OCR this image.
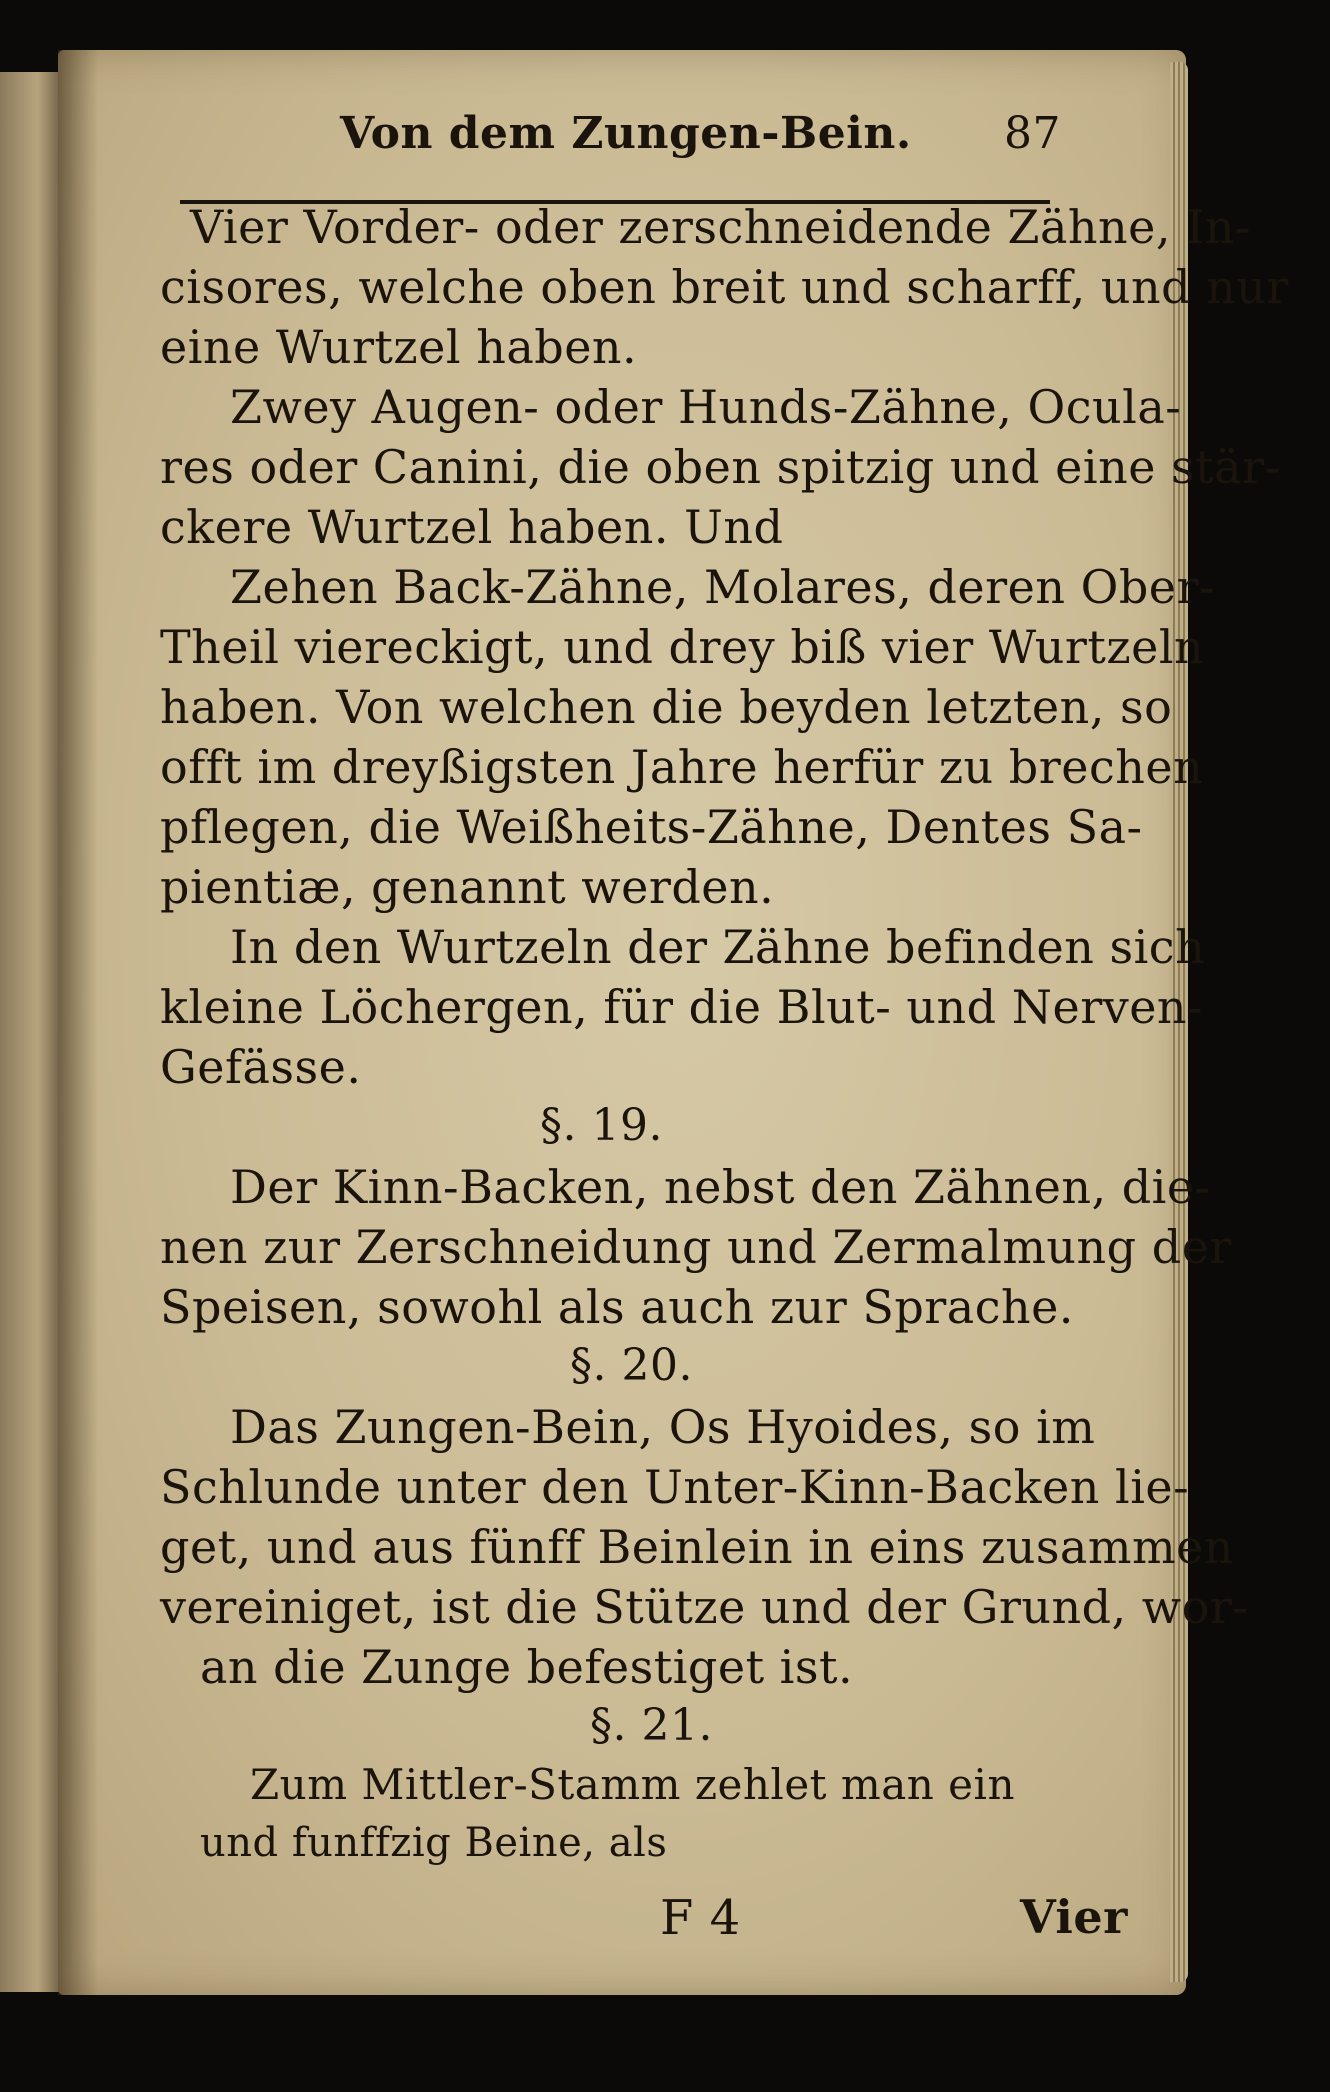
Von dem Zungen-Bein. 87
Vier Vorder- oder zerschneidende Zähne, In-
cisores, welche oben breit und scharff, und nur
eine Wurtzel haben.
Zwey Augen- oder Hunds-Zähne, Ocula-
res oder Canini, die oben spitzig und eine stär-
ckere Wurtzel haben. Und
Zehen Back-Zähne, Molares, deren Ober-
Theil viereckigt, und drey biß vier Wurtzeln
haben. Von welchen die beyden letzten, so
offt im dreyßigsten Jahre herfür zu brechen
pflegen, die Weißheits-Zähne, Dentes Sa-
pientiæ, genannt werden.
In den Wurtzeln der Zähne befinden sich
kleine Löchergen, für die Blut- und Nerven-
Gefässe.
§. 19.
Der Kinn-Backen, nebst den Zähnen, die-
nen zur Zerschneidung und Zermalmung der
Speisen, sowohl als auch zur Sprache.
§. 20.
Das Zungen-Bein, Os Hyoides, so im
Schlunde unter den Unter-Kinn-Backen lie-
get, und aus fünff Beinlein in eins zusammen
vereiniget, ist die Stütze und der Grund, wor-
an die Zunge befestiget ist.
§. 21.
Zum Mittler-Stamm zehlet man ein
und funffzig Beine, als
F 4	Vier
